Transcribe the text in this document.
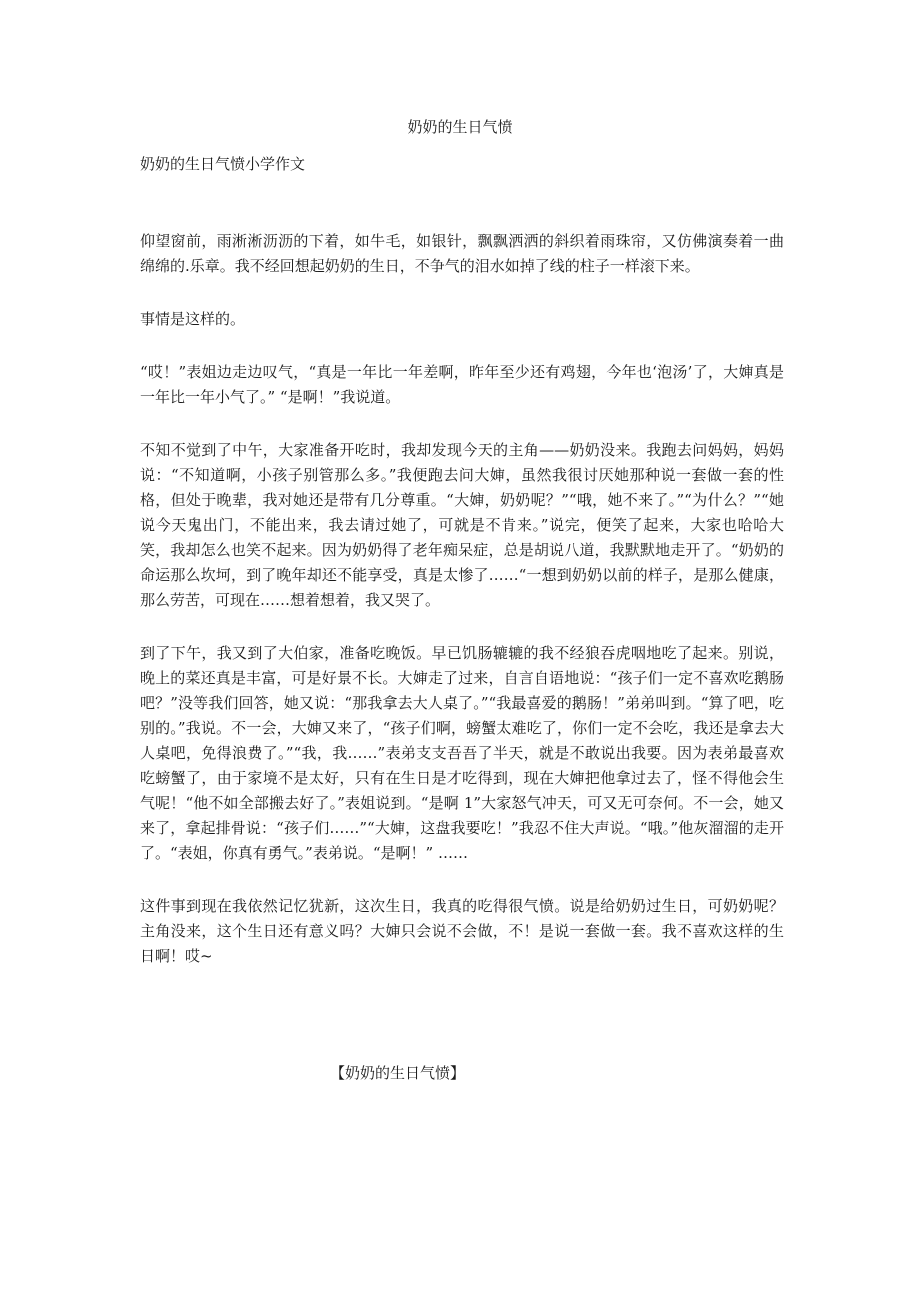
奶奶的生日气愤
奶奶的生日气愤小学作文

仰望窗前，雨淅淅沥沥的下着，如牛毛，如银针，飘飘洒洒的斜织着雨珠帘，又仿佛演奏着一曲绵绵的.乐章。我不经回想起奶奶的生日，不争气的泪水如掉了线的柱子一样滚下来。

事情是这样的。

“哎！”表姐边走边叹气，“真是一年比一年差啊，昨年至少还有鸡翅，今年也‘泡汤’了，大婶真是一年比一年小气了。” “是啊！”我说道。

不知不觉到了中午，大家准备开吃时，我却发现今天的主角——奶奶没来。我跑去问妈妈，妈妈说：“不知道啊，小孩子别管那么多。”我便跑去问大婶，虽然我很讨厌她那种说一套做一套的性格，但处于晚辈，我对她还是带有几分尊重。“大婶，奶奶呢？”“哦，她不来了。”“为什么？”“她说今天鬼出门，不能出来，我去请过她了，可就是不肯来。”说完，便笑了起来，大家也哈哈大笑，我却怎么也笑不起来。因为奶奶得了老年痴呆症，总是胡说八道，我默默地走开了。“奶奶的命运那么坎坷，到了晚年却还不能享受，真是太惨了……“一想到奶奶以前的样子，是那么健康，那么劳苦，可现在……想着想着，我又哭了。

到了下午，我又到了大伯家，准备吃晚饭。早已饥肠辘辘的我不经狼吞虎咽地吃了起来。别说，晚上的菜还真是丰富，可是好景不长。大婶走了过来，自言自语地说：“孩子们一定不喜欢吃鹅肠吧？”没等我们回答，她又说：“那我拿去大人桌了。”“我最喜爱的鹅肠！”弟弟叫到。“算了吧，吃别的。”我说。不一会，大婶又来了，“孩子们啊，螃蟹太难吃了，你们一定不会吃，我还是拿去大人桌吧，免得浪费了。”“我，我……”表弟支支吾吾了半天，就是不敢说出我要。因为表弟最喜欢吃螃蟹了，由于家境不是太好，只有在生日是才吃得到，现在大婶把他拿过去了，怪不得他会生气呢！“他不如全部搬去好了。”表姐说到。“是啊 1”大家怒气冲天，可又无可奈何。不一会，她又来了，拿起排骨说：“孩子们……”“大婶，这盘我要吃！”我忍不住大声说。“哦。”他灰溜溜的走开了。“表姐，你真有勇气。”表弟说。“是啊！” ……

这件事到现在我依然记忆犹新，这次生日，我真的吃得很气愤。说是给奶奶过生日，可奶奶呢？主角没来，这个生日还有意义吗？大婶只会说不会做，不！是说一套做一套。我不喜欢这样的生日啊！哎~

【奶奶的生日气愤】
